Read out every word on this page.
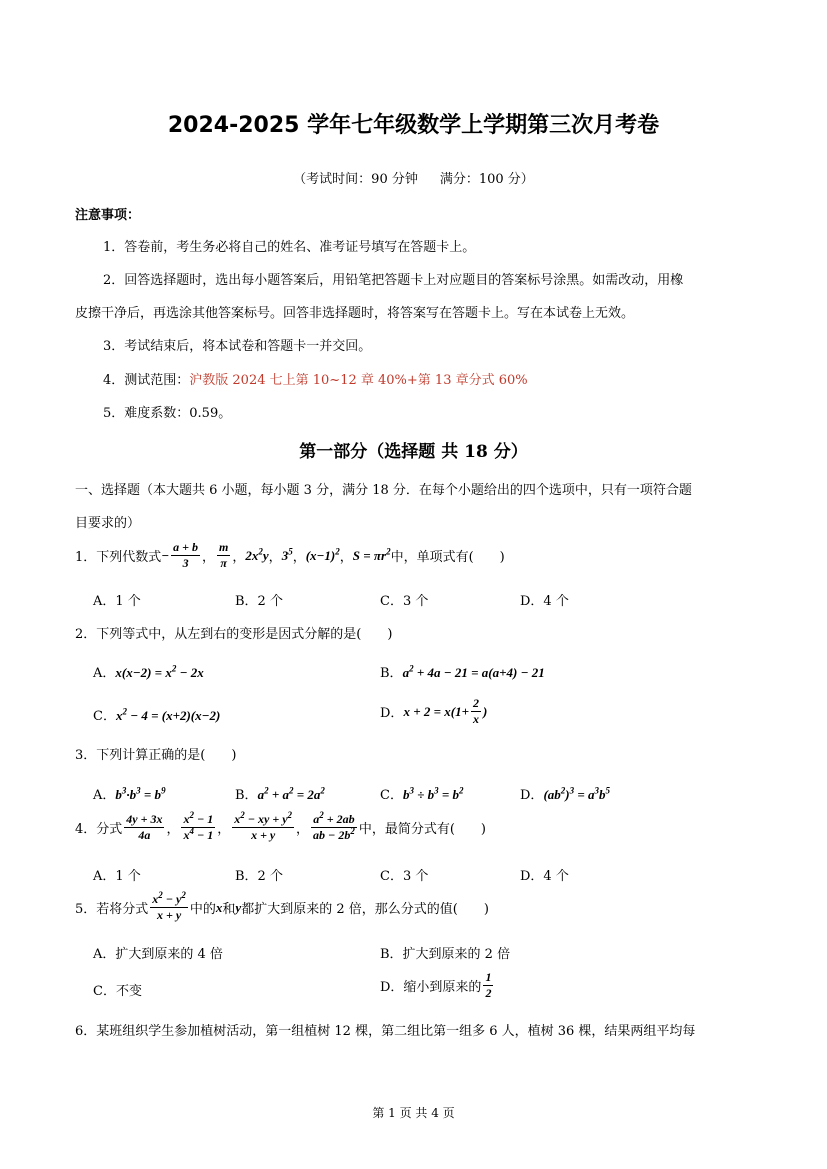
2024-2025 学年七年级数学上学期第三次月考卷
（考试时间：90 分钟 满分：100 分）
注意事项：
1．答卷前，考生务必将自己的姓名、准考证号填写在答题卡上。
2．回答选择题时，选出每小题答案后，用铅笔把答题卡上对应题目的答案标号涂黑。如需改动，用橡
皮擦干净后，再选涂其他答案标号。回答非选择题时，将答案写在答题卡上。写在本试卷上无效。
3．考试结束后，将本试卷和答题卡一并交回。
4．测试范围：沪教版 2024 七上第 10~12 章 40%+第 13 章分式 60%
5．难度系数：0.59。
第一部分（选择题 共 18 分）
一、选择题（本大题共 6 小题，每小题 3 分，满分 18 分．在每个小题给出的四个选项中，只有一项符合题
目要求的）
1．下列代数式 − $\frac{a + b}{3}$ ， $\frac{m}{\pi}$ ， $2x^2y$ ， $3^5$ ， $(x-1)^2$ ， $S = \pi r^2$ 中，单项式有 (　　)
A．1 个	B．2 个	C．3 个	D．4 个
2．下列等式中，从左到右的变形是因式分解的是(　　)
A．$x(x-2) = x^2 - 2x$	B．$a^2 + 4a - 21 = a(a+4) - 21$
C．$x^2 - 4 = (x+2)(x-2)$	D． $x + 2 = x(1+ \frac{2}{x}$ )
3．下列计算正确的是(　　)
A．$b^3\cdot b^3 = b^9$	B．$a^2 + a^2 = 2a^2$	C．$b^3 \div b^3 = b^2$	D．$(ab^2)^3 = a^3b^5$
4．分式 $\frac{4y + 3x}{4a}$ ， $\frac{x^2 - 1}{x^4 - 1}$ ， $\frac{x^2 - xy + y^2}{x + y}$ ， $\frac{a^2 + 2ab}{ab - 2b^2}$ 中，最简分式有 (　　)
A．1 个	B．2 个	C．3 个	D．4 个
5．若将分式 $\frac{x^2 - y^2}{x + y}$ 中的 x 和 y 都扩大到原来的 2 倍，那么分式的值 (　　)
A．扩大到原来的 4 倍	B．扩大到原来的 2 倍
C．不变	D．缩小到原来的 $\frac{1}{2}$
6．某班组织学生参加植树活动，第一组植树 12 棵，第二组比第一组多 6 人，植树 36 棵，结果两组平均每
第 1 页 共 4 页
